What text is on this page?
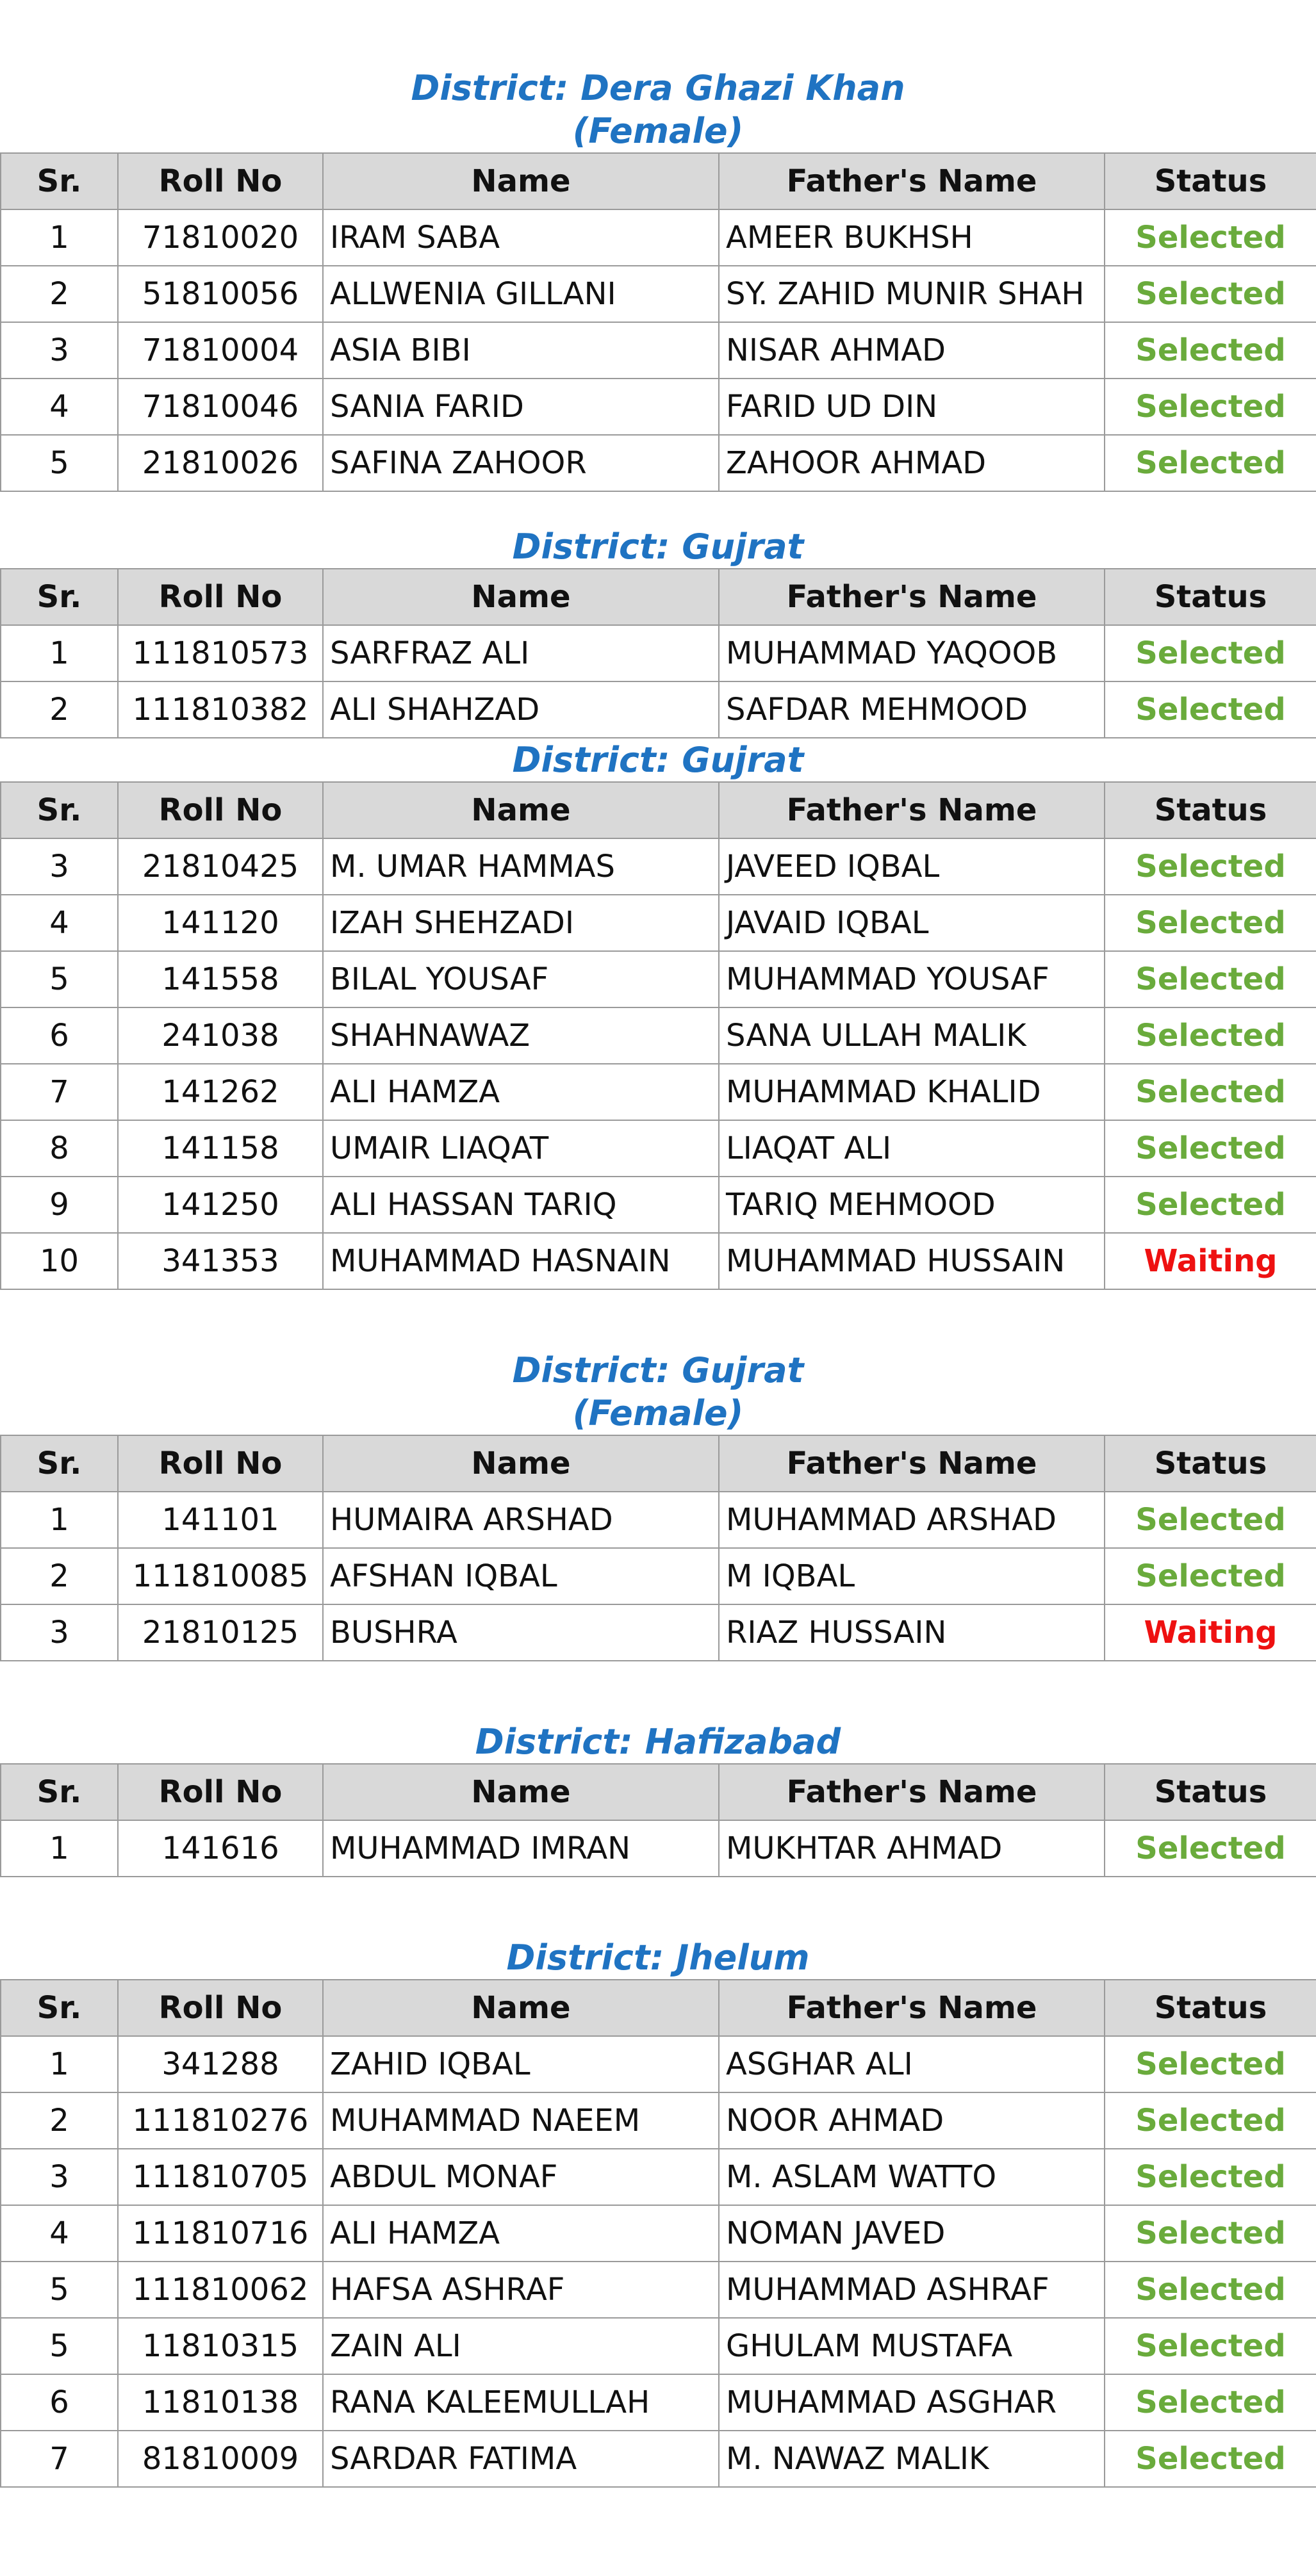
District: Dera Ghazi Khan
(Female)
Sr.	Roll No	Name	Father's Name	Status
1	71810020	IRAM SABA	AMEER BUKHSH	Selected
2	51810056	ALLWENIA GILLANI	SY. ZAHID MUNIR SHAH	Selected
3	71810004	ASIA BIBI	NISAR AHMAD	Selected
4	71810046	SANIA FARID	FARID UD DIN	Selected
5	21810026	SAFINA ZAHOOR	ZAHOOR AHMAD	Selected
District: Gujrat
Sr.	Roll No	Name	Father's Name	Status
1	111810573	SARFRAZ ALI	MUHAMMAD YAQOOB	Selected
2	111810382	ALI SHAHZAD	SAFDAR MEHMOOD	Selected
District: Gujrat
Sr.	Roll No	Name	Father's Name	Status
3	21810425	M. UMAR HAMMAS	JAVEED IQBAL	Selected
4	141120	IZAH SHEHZADI	JAVAID IQBAL	Selected
5	141558	BILAL YOUSAF	MUHAMMAD YOUSAF	Selected
6	241038	SHAHNAWAZ	SANA ULLAH MALIK	Selected
7	141262	ALI HAMZA	MUHAMMAD KHALID	Selected
8	141158	UMAIR LIAQAT	LIAQAT ALI	Selected
9	141250	ALI HASSAN TARIQ	TARIQ MEHMOOD	Selected
10	341353	MUHAMMAD HASNAIN	MUHAMMAD HUSSAIN	Waiting
District: Gujrat
(Female)
Sr.	Roll No	Name	Father's Name	Status
1	141101	HUMAIRA ARSHAD	MUHAMMAD ARSHAD	Selected
2	111810085	AFSHAN IQBAL	M IQBAL	Selected
3	21810125	BUSHRA	RIAZ HUSSAIN	Waiting
District: Hafizabad
Sr.	Roll No	Name	Father's Name	Status
1	141616	MUHAMMAD IMRAN	MUKHTAR AHMAD	Selected
District: Jhelum
Sr.	Roll No	Name	Father's Name	Status
1	341288	ZAHID IQBAL	ASGHAR ALI	Selected
2	111810276	MUHAMMAD NAEEM	NOOR AHMAD	Selected
3	111810705	ABDUL MONAF	M. ASLAM WATTO	Selected
4	111810716	ALI HAMZA	NOMAN JAVED	Selected
5	111810062	HAFSA ASHRAF	MUHAMMAD ASHRAF	Selected
5	11810315	ZAIN ALI	GHULAM MUSTAFA	Selected
6	11810138	RANA KALEEMULLAH	MUHAMMAD ASGHAR	Selected
7	81810009	SARDAR FATIMA	M. NAWAZ MALIK	Selected
